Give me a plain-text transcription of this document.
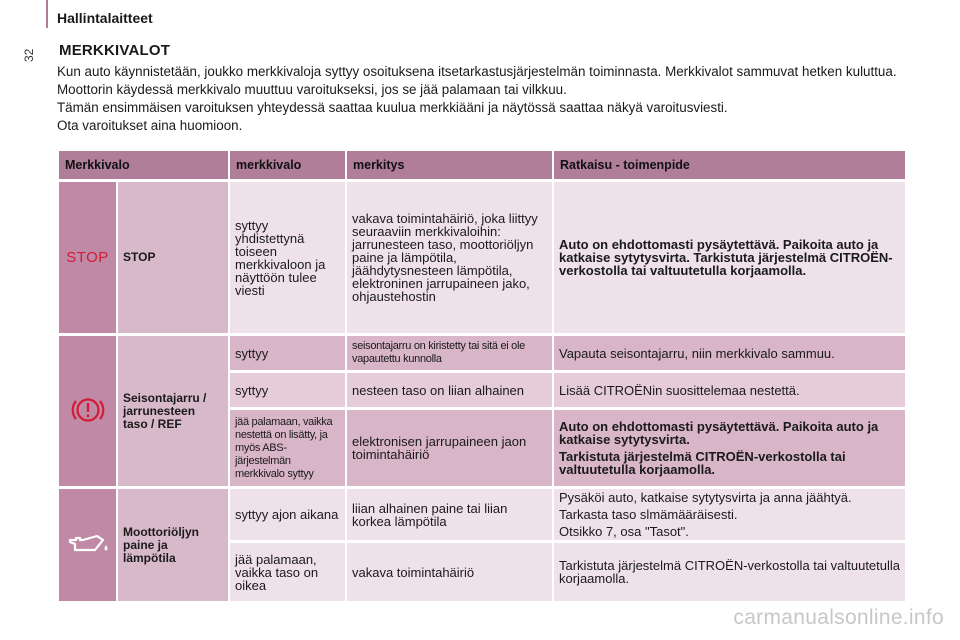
Hallintalaitteet
32 MERKKIVALOT

Kun auto käynnistetään, joukko merkkivaloja syttyy osoituksena itsetarkastusjärjestelmän toiminnasta. Merkkivalot sammuvat hetken kuluttua.

Moottorin käydessä merkkivalo muuttuu varoitukseksi, jos se jää palamaan tai vilkkuu.

Tämän ensimmäisen varoituksen yhteydessä saattaa kuulua merkkiääni ja näytössä saattaa näkyä varoitusviesti.

Ota varoitukset aina huomioon.

Merkkivalo		merkkivalo	merkitys	Ratkaisu - toimenpide
STOP	STOP	syttyy yhdistettynä toiseen merkkivaloon ja näyttöön tulee viesti	vakava toimintahäiriö, joka liittyy seuraaviin merkkivaloihin: jarrunesteen taso, moottoriöljyn paine ja lämpötila, jäähdytysnesteen lämpötila, elektroninen jarrupaineen jako, ohjaustehostin	Auto on ehdottomasti pysäytettävä. Paikoita auto ja katkaise sytytysvirta. Tarkistuta järjestelmä CITROËN-verkostolla tai valtuutetulla korjaamolla.
	Seisontajarru / jarrunesteen taso / REF	syttyy	seisontajarru on kiristetty tai sitä ei ole vapautettu kunnolla	Vapauta seisontajarru, niin merkkivalo sammuu.
		syttyy	nesteen taso on liian alhainen	Lisää CITROËNin suosittelemaa nestettä.
		jää palamaan, vaikka nestettä on lisätty, ja myös ABS-järjestelmän merkkivalo syttyy	elektronisen jarrupaineen jaon toimintahäiriö	Auto on ehdottomasti pysäytettävä. Paikoita auto ja katkaise sytytysvirta.

Tarkistuta järjestelmä CITROËN-verkostolla tai valtuutetulla korjaamolla.

	Moottoriöljyn paine ja lämpötila	syttyy ajon aikana	liian alhainen paine tai liian korkea lämpötila	Pysäköi auto, katkaise sytytysvirta ja anna jäähtyä.

Tarkasta taso slmämääräisesti.

Otsikko 7, osa "Tasot".

		jää palamaan, vaikka taso on oikea	vakava toimintahäiriö	Tarkistuta järjestelmä CITROËN-verkostolla tai valtuutetulla korjaamolla.
carmanualsonline.info
